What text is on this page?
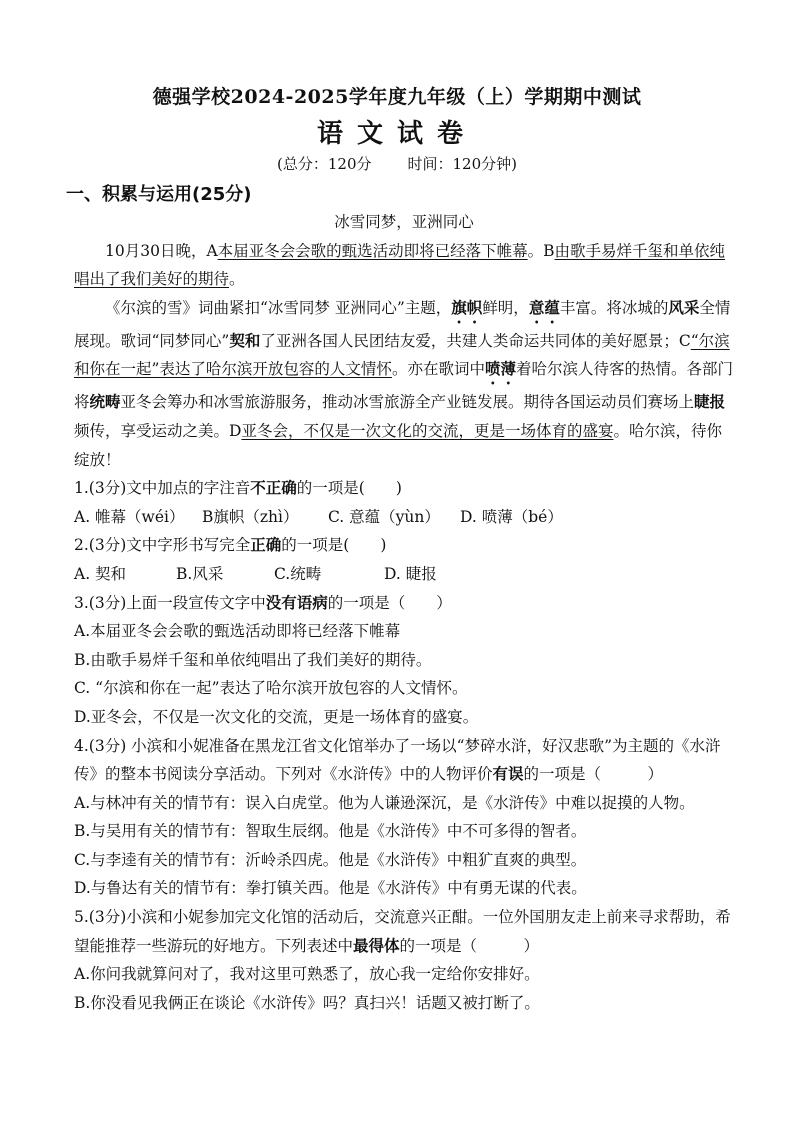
德强学校2024-2025学年度九年级（上）学期期中测试
语文试卷
(总分：120分 时间：120分钟)
一、积累与运用(25分)

冰雪同梦，亚洲同心

10月30日晚，A本届亚冬会会歌的甄选活动即将已经落下帷幕。B由歌手易烊千玺和单依纯唱出了我们美好的期待。

《尔滨的雪》词曲紧扣“冰雪同梦 亚洲同心”主题，旗帜鲜明，意蕴丰富。将冰城的风采全情展现。歌词“同梦同心”契和了亚洲各国人民团结友爱，共建人类命运共同体的美好愿景；C“尔滨和你在一起”表达了哈尔滨开放包容的人文情怀。亦在歌词中喷薄着哈尔滨人待客的热情。各部门将统畴亚冬会筹办和冰雪旅游服务，推动冰雪旅游全产业链发展。期待各国运动员们赛场上睫报频传，享受运动之美。D亚冬会，不仅是一次文化的交流，更是一场体育的盛宴。哈尔滨，待你绽放！

1.(3分)文中加点的字注音不正确的一项是(　　)

A. 帷幕（wéi） B旗帜（zhì） C. 意蕴（yùn） D. 喷薄（bé）

2.(3分)文中字形书写完全正确的一项是(　　)

A. 契和	B.风采	C.统畴	D. 睫报

3.(3分)上面一段宣传文字中没有语病的一项是（　　）

A.本届亚冬会会歌的甄选活动即将已经落下帷幕

B.由歌手易烊千玺和单依纯唱出了我们美好的期待。

C. “尔滨和你在一起”表达了哈尔滨开放包容的人文情怀。

D.亚冬会，不仅是一次文化的交流，更是一场体育的盛宴。

4.(3分) 小滨和小妮准备在黑龙江省文化馆举办了一场以“梦碎水浒，好汉悲歌”为主题的《水浒传》的整本书阅读分享活动。下列对《水浒传》中的人物评价有误的一项是（　　　）

A.与林冲有关的情节有：误入白虎堂。他为人谦逊深沉，是《水浒传》中难以捉摸的人物。

B.与吴用有关的情节有：智取生辰纲。他是《水浒传》中不可多得的智者。

C.与李逵有关的情节有：沂岭杀四虎。他是《水浒传》中粗犷直爽的典型。

D.与鲁达有关的情节有：拳打镇关西。他是《水浒传》中有勇无谋的代表。

5.(3分)小滨和小妮参加完文化馆的活动后，交流意兴正酣。一位外国朋友走上前来寻求帮助，希望能推荐一些游玩的好地方。下列表述中最得体的一项是（　　　）

A.你问我就算问对了，我对这里可熟悉了，放心我一定给你安排好。

B.你没看见我俩正在谈论《水浒传》吗？真扫兴！话题又被打断了。
